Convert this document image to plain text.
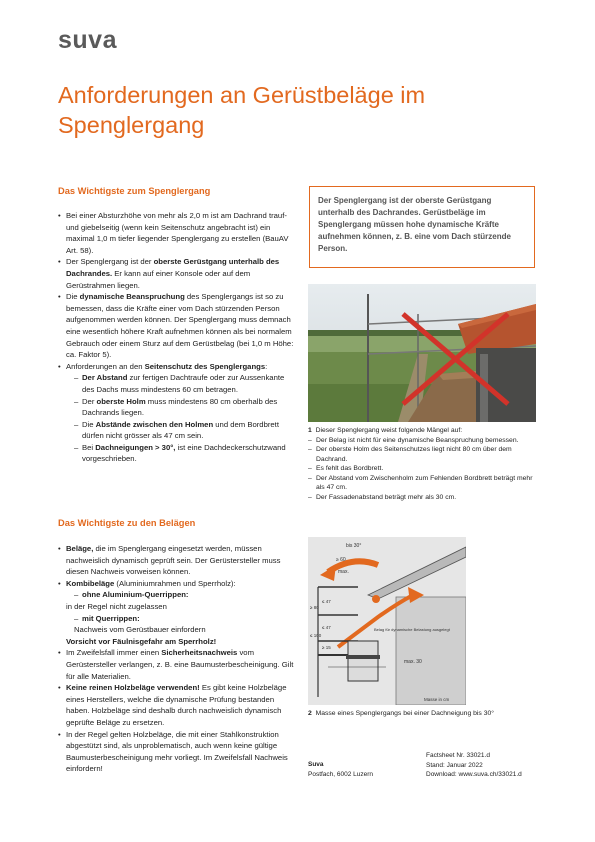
suva
Anforderungen an Gerüstbeläge im Spenglergang
Das Wichtigste zum Spenglergang
• Bei einer Absturzhöhe von mehr als 2,0 m ist am Dachrand trauf- und giebelseitig (wenn kein Seitenschutz angebracht ist) ein maximal 1,0 m tiefer liegender Spenglergang zu erstellen (BauAV Art. 58).
• Der Spenglergang ist der oberste Gerüstgang unterhalb des Dachrandes. Er kann auf einer Konsole oder auf dem Gerüstrahmen liegen.
• Die dynamische Beanspruchung des Spenglergangs ist so zu bemessen, dass die Kräfte einer vom Dach stürzenden Person aufgenommen werden können. Der Spenglergang muss demnach eine wesentlich höhere Kraft aufnehmen können als bei normalem Gebrauch oder einem Sturz auf dem Gerüstbelag (bei 1,0 m Höhe: ca. Faktor 5).
• Anforderungen an den Seitenschutz des Spenglergangs:
– Der Abstand zur fertigen Dachtraufe oder zur Aussenkante des Dachs muss mindestens 60 cm betragen.
– Der oberste Holm muss mindestens 80 cm oberhalb des Dachrands liegen.
– Die Abstände zwischen den Holmen und dem Bordbrett dürfen nicht grösser als 47 cm sein.
– Bei Dachneigungen > 30°, ist eine Dachdeckerschutzwand vorgeschrieben.
Das Wichtigste zu den Belägen
• Beläge, die im Spenglergang eingesetzt werden, müssen nachweislich dynamisch geprüft sein. Der Gerüstersteller muss diesen Nachweis vorweisen können.
• Kombibeläge (Aluminiumrahmen und Sperrholz):
– ohne Aluminium-Querrippen:
in der Regel nicht zugelassen
– mit Querrippen:
Nachweis vom Gerüstbauer einfordern
Vorsicht vor Fäulnisgefahr am Sperrholz!
• Im Zweifelsfall immer einen Sicherheitsnachweis vom Gerüstersteller verlangen, z. B. eine Baumusterbescheinigung. Gilt für alle Materialien.
• Keine reinen Holzbeläge verwenden! Es gibt keine Holzbeläge eines Herstellers, welche die dynamische Prüfung bestanden haben. Holzbeläge sind deshalb durch nachweislich dynamisch geprüfte Beläge zu ersetzen.
• In der Regel gelten Holzbeläge, die mit einer Stahlkonstruktion abgestützt sind, als unproblematisch, auch wenn keine gültige Baumusterbescheinigung mehr vorliegt. Im Zweifelsfall Nachweis einfordern!
Der Spenglergang ist der oberste Gerüstgang unterhalb des Dachrandes. Gerüstbeläge im Spenglergang müssen hohe dynamische Kräfte aufnehmen können, z. B. eine vom Dach stürzende Person.
1 Dieser Spenglergang weist folgende Mängel auf:
– Der Belag ist nicht für eine dynamische Beanspruchung bemessen.
– Der oberste Holm des Seitenschutzes liegt nicht 80 cm über dem Dachrand.
– Es fehlt das Bordbrett.
– Der Abstand vom Zwischenholm zum Fehlenden Bordbrett beträgt mehr als 47 cm.
– Der Fassadenabstand beträgt mehr als 30 cm.
bis 30°
max.
≥ 60
≤ 47
≤ 47
≥ 80
≤ 100
≥ 15
Belag für dynamische Belastung ausgelegt
max. 30
Masse in cm
2 Masse eines Spenglergangs bei einer Dachneigung bis 30°
Suva
Postfach, 6002 Luzern
Factsheet Nr. 33021.d
Stand: Januar 2022
Download: www.suva.ch/33021.d
